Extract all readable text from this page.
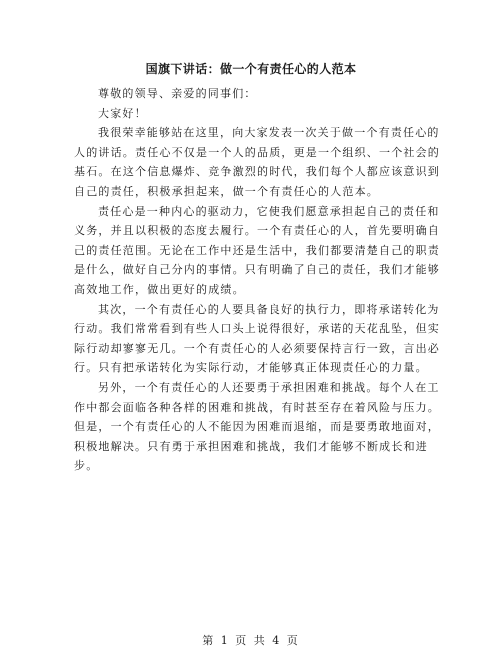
国旗下讲话：做一个有责任心的人范本
尊敬的领导、亲爱的同事们：
大家好！
我很荣幸能够站在这里，向大家发表一次关于做一个有责任心的
人的讲话。责任心不仅是一个人的品质，更是一个组织、一个社会的
基石。在这个信息爆炸、竞争激烈的时代，我们每个人都应该意识到
自己的责任，积极承担起来，做一个有责任心的人范本。
责任心是一种内心的驱动力，它使我们愿意承担起自己的责任和
义务，并且以积极的态度去履行。一个有责任心的人，首先要明确自
己的责任范围。无论在工作中还是生活中，我们都要清楚自己的职责
是什么，做好自己分内的事情。只有明确了自己的责任，我们才能够
高效地工作，做出更好的成绩。
其次，一个有责任心的人要具备良好的执行力，即将承诺转化为
行动。我们常常看到有些人口头上说得很好，承诺的天花乱坠，但实
际行动却寥寥无几。一个有责任心的人必须要保持言行一致，言出必
行。只有把承诺转化为实际行动，才能够真正体现责任心的力量。
另外，一个有责任心的人还要勇于承担困难和挑战。每个人在工
作中都会面临各种各样的困难和挑战，有时甚至存在着风险与压力。
但是，一个有责任心的人不能因为困难而退缩，而是要勇敢地面对，
积极地解决。只有勇于承担困难和挑战，我们才能够不断成长和进
步。
第 1 页 共 4 页
